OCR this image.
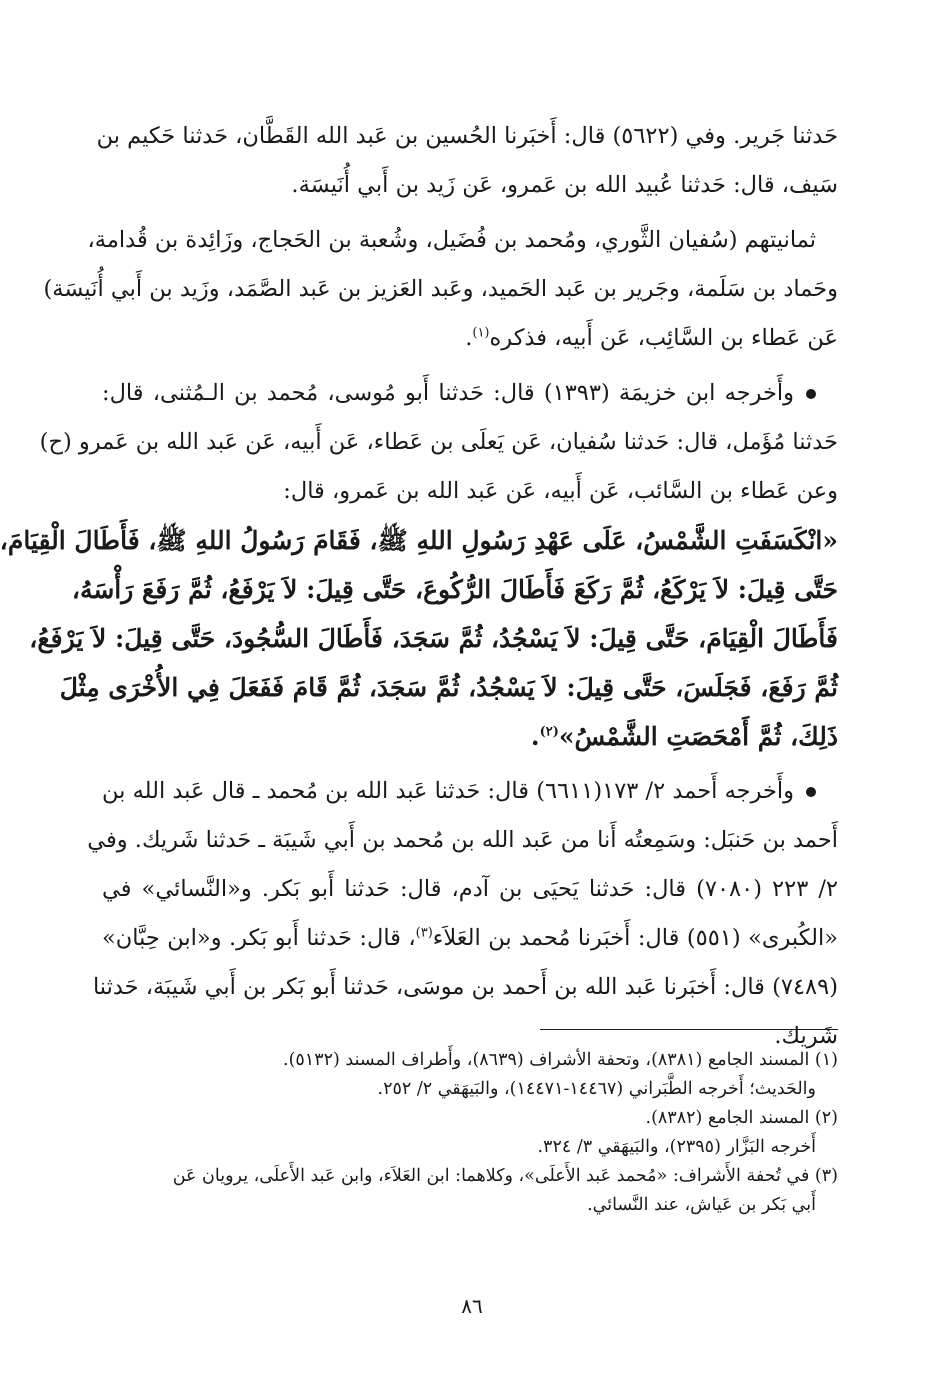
حَدثنا جَرير. وفي (٥٦٢٢) قال: أَخبَرنا الحُسين بن عَبد الله القَطَّان، حَدثنا حَكيم بن
سَيف، قال: حَدثنا عُبيد الله بن عَمرو، عَن زَيد بن أَبي أُنَيسَة.
ثمانيتهم (سُفيان الثَّوري، ومُحمد بن فُضَيل، وشُعبة بن الحَجاج، وزَائِدة بن قُدامة،
وحَماد بن سَلَمة، وجَرير بن عَبد الحَميد، وعَبد العَزيز بن عَبد الصَّمَد، وزَيد بن أَبي أُنَيسَة)
عَن عَطاء بن السَّائِب، عَن أَبيه، فذكره$^{(١)}$.
وأَخرجه ابن خزيمَة (١٣٩٣) قال: حَدثنا أَبو مُوسى، مُحمد بن الـمُثنى، قال:
حَدثنا مُؤَمل، قال: حَدثنا سُفيان، عَن يَعلَى بن عَطاء، عَن أَبيه، عَن عَبد الله بن عَمرو (ح)
وعن عَطاء بن السَّائب، عَن أَبيه، عَن عَبد الله بن عَمرو، قال:
«انْكَسَفَتِ الشَّمْسُ، عَلَى عَهْدِ رَسُولِ اللهِ ﷺ، فَقَامَ رَسُولُ اللهِ ﷺ، فَأَطَالَ الْقِيَامَ،
حَتَّى قِيلَ: لاَ يَرْكَعُ، ثُمَّ رَكَعَ فَأَطَالَ الرُّكُوعَ، حَتَّى قِيلَ: لاَ يَرْفَعُ، ثُمَّ رَفَعَ رَأْسَهُ،
فَأَطَالَ الْقِيَامَ، حَتَّى قِيلَ: لاَ يَسْجُدُ، ثُمَّ سَجَدَ، فَأَطَالَ السُّجُودَ، حَتَّى قِيلَ: لاَ يَرْفَعُ،
ثُمَّ رَفَعَ، فَجَلَسَ، حَتَّى قِيلَ: لاَ يَسْجُدُ، ثُمَّ سَجَدَ، ثُمَّ قَامَ فَفَعَلَ فِي الأُخْرَى مِثْلَ
ذَلِكَ، ثُمَّ أَمْحَصَتِ الشَّمْسُ»$^{(٢)}$.
وأَخرجه أَحمد ٢/ ١٧٣(٦٦١١) قال: حَدثنا عَبد الله بن مُحمد ـ قال عَبد الله بن
أَحمد بن حَنبَل: وسَمِعتُه أَنا من عَبد الله بن مُحمد بن أَبي شَيبَة ـ حَدثنا شَريك. وفي
٢/ ٢٢٣ (٧٠٨٠) قال: حَدثنا يَحيَى بن آدم، قال: حَدثنا أَبو بَكر. و«النَّسائي» في
«الكُبرى» (٥٥١) قال: أَخبَرنا مُحمد بن العَلاَء$^{(٣)}$، قال: حَدثنا أَبو بَكر. و«ابن حِبَّان»
(٧٤٨٩) قال: أَخبَرنا عَبد الله بن أَحمد بن موسَى، حَدثنا أَبو بَكر بن أَبي شَيبَة، حَدثنا
شَريك.
(١) المسند الجامع (٨٣٨١)، وتحفة الأشراف (٨٦٣٩)، وأَطراف المسند (٥١٣٢).
والحَديث؛ أَخرجه الطَّبَراني (١٤٤٦٧-١٤٤٧١)، والبَيهَقي ٢/ ٢٥٢.
(٢) المسند الجامع (٨٣٨٢).
أَخرجه البَزَّار (٢٣٩٥)، والبَيهَقي ٣/ ٣٢٤.
(٣) في تُحفة الأَشراف: «مُحمد عَبد الأَعلَى»، وكلاهما: ابن العَلاَء، وابن عَبد الأَعلَى، يرويان عَن
أَبي بَكر بن عَياش، عند النَّسائي.
٨٦
